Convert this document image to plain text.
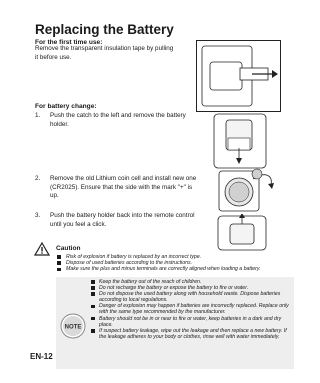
Replacing the Battery
For the first time use:
Remove the transparent insulation tape by pulling
it before use.
For battery change:
1. Push the catch to the left and remove the battery
holder.
2. Remove the old Lithium coin cell and install new one
(CR2025). Ensure that the side with the mark "+" is up.
3. Push the battery holder back into the remote control
until you feel a click.
Caution
Risk of explosion if battery is replaced by an incorrect type.
Dispose of used batteries according to the instructions.
Make sure the plus and minus terminals are correctly aligned when loading a battery.
NOTE
Keep the battery out of the reach of children.
Do not recharge the battery or expose the battery to fire or water.
Do not dispose the used battery along with household waste. Dispose batteries according to local regulations.
Danger of explosion may happen if batteries are incorrectly replaced. Replace only with the same type recommended by the manufacturer.
Battery should not be in or near to fire or water, keep batteries in a dark and dry place.
If suspect battery leakage, wipe out the leakage and then replace a new battery. If the leakage adheres to your body or clothes, rinse well with water immediately.
EN-12
